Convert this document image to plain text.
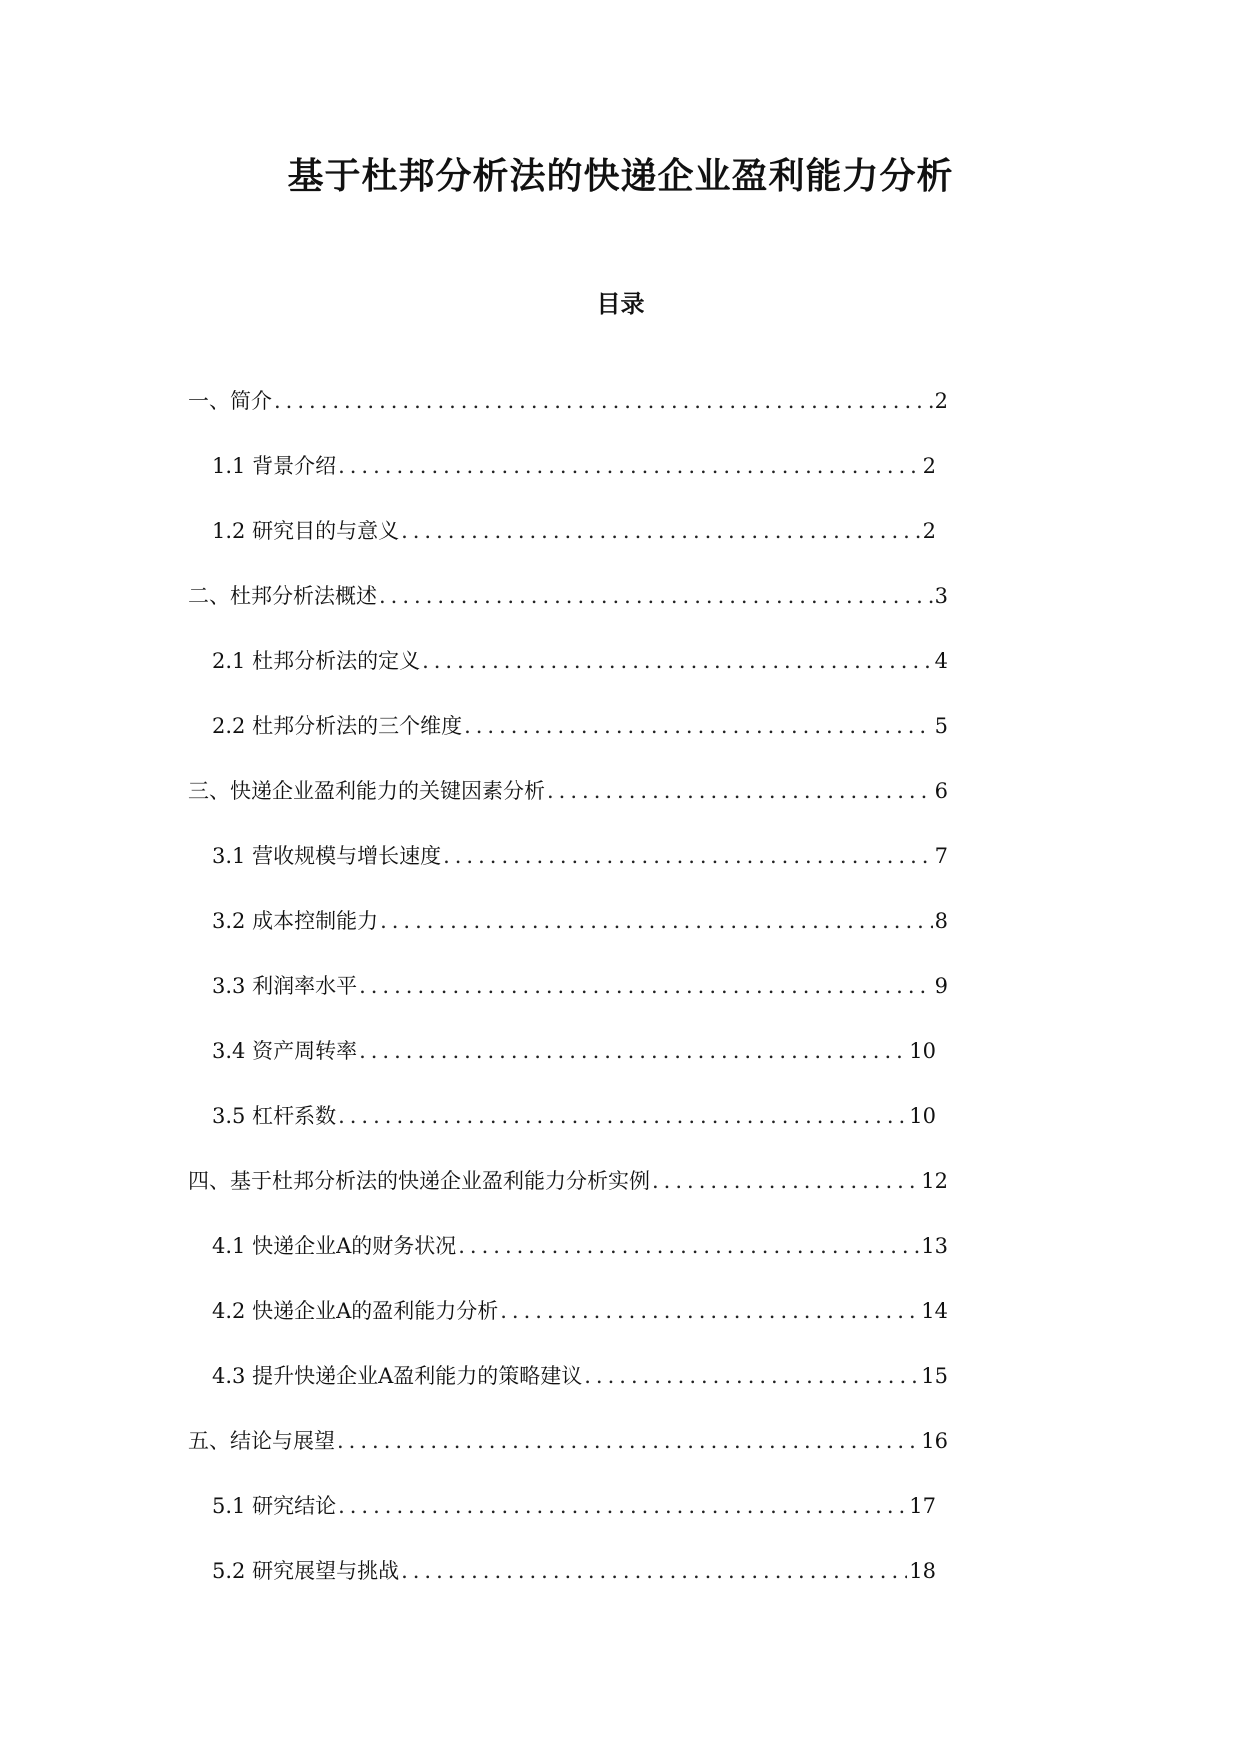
基于杜邦分析法的快递企业盈利能力分析
目录
一、简介 .....	2
1.1 背景介绍 .....	2
1.2 研究目的与意义 .....	2
二、杜邦分析法概述 .....	3
2.1 杜邦分析法的定义 .....	4
2.2 杜邦分析法的三个维度 .....	5
三、快递企业盈利能力的关键因素分析 .....	6
3.1 营收规模与增长速度 .....	7
3.2 成本控制能力 .....	8
3.3 利润率水平 .....	9
3.4 资产周转率 .....	10
3.5 杠杆系数 .....	10
四、基于杜邦分析法的快递企业盈利能力分析实例 .....	12
4.1 快递企业A的财务状况 .....	13
4.2 快递企业A的盈利能力分析 .....	14
4.3 提升快递企业A盈利能力的策略建议 .....	15
五、结论与展望 .....	16
5.1 研究结论 .....	17
5.2 研究展望与挑战 .....	18
